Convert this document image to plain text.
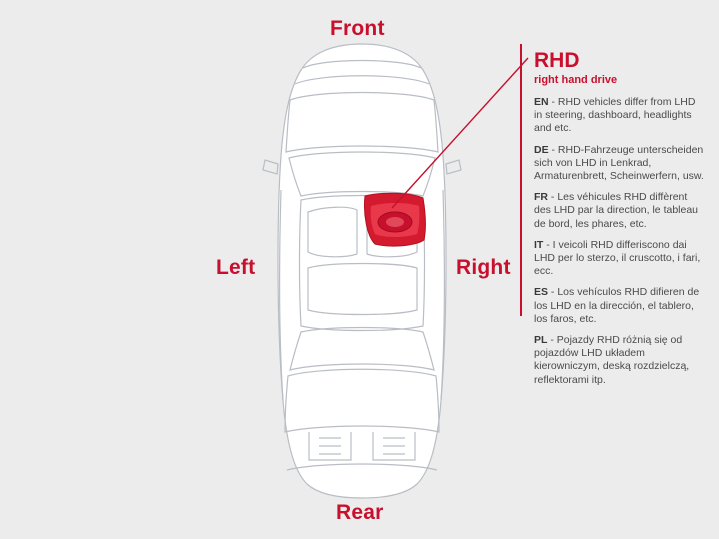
Front
Rear
Left	Right
RHD
right hand drive
EN - RHD vehicles differ from LHD in steering, dashboard, headlights and etc.
DE - RHD-Fahrzeuge unterscheiden sich von LHD in Lenkrad, Armaturenbrett, Scheinwerfern, usw.
FR - Les véhicules RHD diffèrent des LHD par la direction, le tableau de bord, les phares, etc.
IT - I veicoli RHD differiscono dai LHD per lo sterzo, il cruscotto, i fari, ecc.
ES - Los vehículos RHD difieren de los LHD en la dirección, el tablero, los faros, etc.
PL - Pojazdy RHD różnią się od pojazdów LHD układem kierowniczym, deską rozdzielczą, reflektorami itp.
